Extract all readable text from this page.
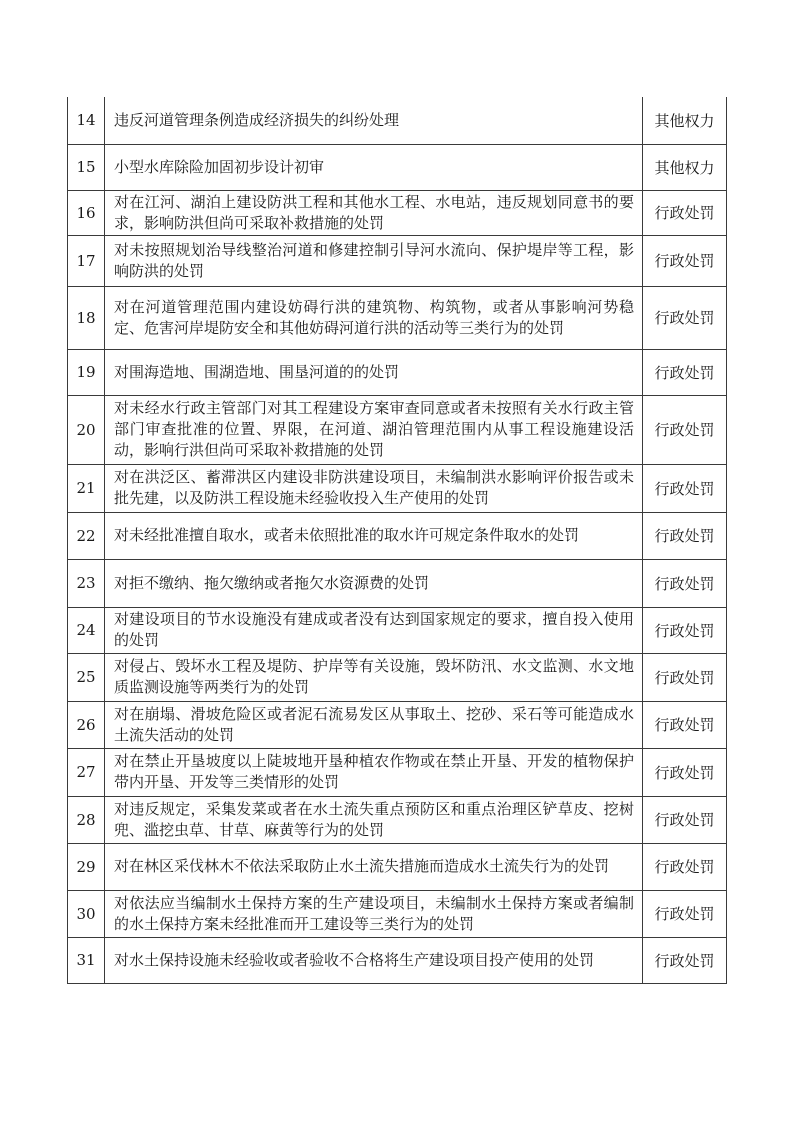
14	违反河道管理条例造成经济损失的纠纷处理	其他权力
15	小型水库除险加固初步设计初审	其他权力
16	对在江河、湖泊上建设防洪工程和其他水工程、水电站，违反规划同意书的要求，影响防洪但尚可采取补救措施的处罚	行政处罚
17	对未按照规划治导线整治河道和修建控制引导河水流向、保护堤岸等工程，影响防洪的处罚	行政处罚
18	对在河道管理范围内建设妨碍行洪的建筑物、构筑物，或者从事影响河势稳定、危害河岸堤防安全和其他妨碍河道行洪的活动等三类行为的处罚	行政处罚
19	对围海造地、围湖造地、围垦河道的的处罚	行政处罚
20	对未经水行政主管部门对其工程建设方案审查同意或者未按照有关水行政主管部门审查批准的位置、界限，在河道、湖泊管理范围内从事工程设施建设活动，影响行洪但尚可采取补救措施的处罚	行政处罚
21	对在洪泛区、蓄滞洪区内建设非防洪建设项目，未编制洪水影响评价报告或未批先建，以及防洪工程设施未经验收投入生产使用的处罚	行政处罚
22	对未经批准擅自取水，或者未依照批准的取水许可规定条件取水的处罚	行政处罚
23	对拒不缴纳、拖欠缴纳或者拖欠水资源费的处罚	行政处罚
24	对建设项目的节水设施没有建成或者没有达到国家规定的要求，擅自投入使用的处罚	行政处罚
25	对侵占、毁坏水工程及堤防、护岸等有关设施，毁坏防汛、水文监测、水文地质监测设施等两类行为的处罚	行政处罚
26	对在崩塌、滑坡危险区或者泥石流易发区从事取土、挖砂、采石等可能造成水土流失活动的处罚	行政处罚
27	对在禁止开垦坡度以上陡坡地开垦种植农作物或在禁止开垦、开发的植物保护带内开垦、开发等三类情形的处罚	行政处罚
28	对违反规定，采集发菜或者在水土流失重点预防区和重点治理区铲草皮、挖树兜、滥挖虫草、甘草、麻黄等行为的处罚	行政处罚
29	对在林区采伐林木不依法采取防止水土流失措施而造成水土流失行为的处罚	行政处罚
30	对依法应当编制水土保持方案的生产建设项目，未编制水土保持方案或者编制的水土保持方案未经批准而开工建设等三类行为的处罚	行政处罚
31	对水土保持设施未经验收或者验收不合格将生产建设项目投产使用的处罚	行政处罚
